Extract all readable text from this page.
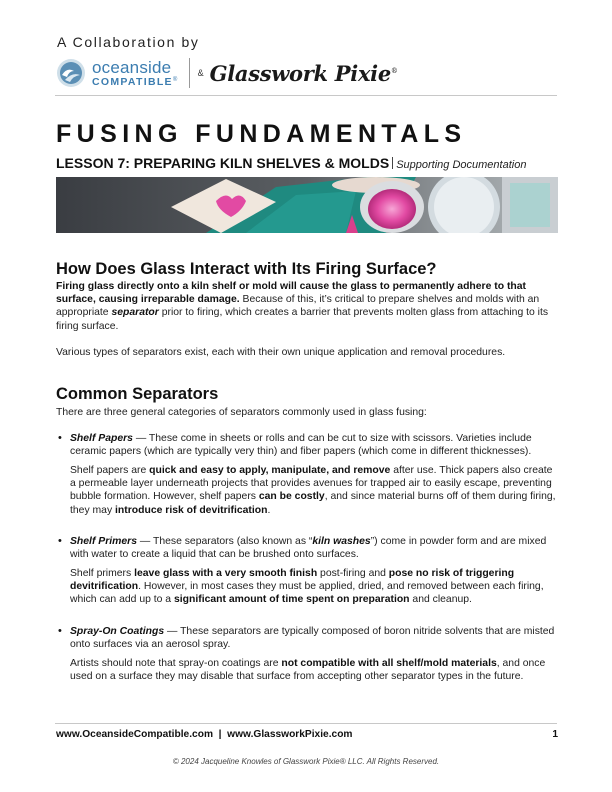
A Collaboration by
oceanside
COMPATIBLE®
& Glasswork Pixie®
FUSING FUNDAMENTALS
LESSON 7: PREPARING KILN SHELVES & MOLDS Supporting Documentation
How Does Glass Interact with Its Firing Surface?

Firing glass directly onto a kiln shelf or mold will cause the glass to permanently adhere to that surface, causing irreparable damage. Because of this, it’s critical to prepare shelves and molds with an appropriate separator prior to firing, which creates a barrier that prevents molten glass from attaching to its firing surface.

Various types of separators exist, each with their own unique application and removal procedures.

Common Separators

There are three general categories of separators commonly used in glass fusing:

• Shelf Papers — These come in sheets or rolls and can be cut to size with scissors. Varieties include ceramic papers (which are typically very thin) and fiber papers (which come in different thicknesses).

Shelf papers are quick and easy to apply, manipulate, and remove after use. Thick papers also create a permeable layer underneath projects that provides avenues for trapped air to easily escape, preventing bubble formation. However, shelf papers can be costly, and since material burns off of them during firing, they may introduce risk of devitrification.

• Shelf Primers — These separators (also known as “kiln washes”) come in powder form and are mixed with water to create a liquid that can be brushed onto surfaces.

Shelf primers leave glass with a very smooth finish post-firing and pose no risk of triggering devitrification. However, in most cases they must be applied, dried, and removed between each firing, which can add up to a significant amount of time spent on preparation and cleanup.

• Spray-On Coatings — These separators are typically composed of boron nitride solvents that are misted onto surfaces via an aerosol spray.

Artists should note that spray-on coatings are not compatible with all shelf/mold materials, and once used on a surface they may disable that surface from accepting other separator types in the future.

www.OceansideCompatible.com  |  www.GlassworkPixie.com	1
© 2024 Jacqueline Knowles of Glasswork Pixie® LLC. All Rights Reserved.
